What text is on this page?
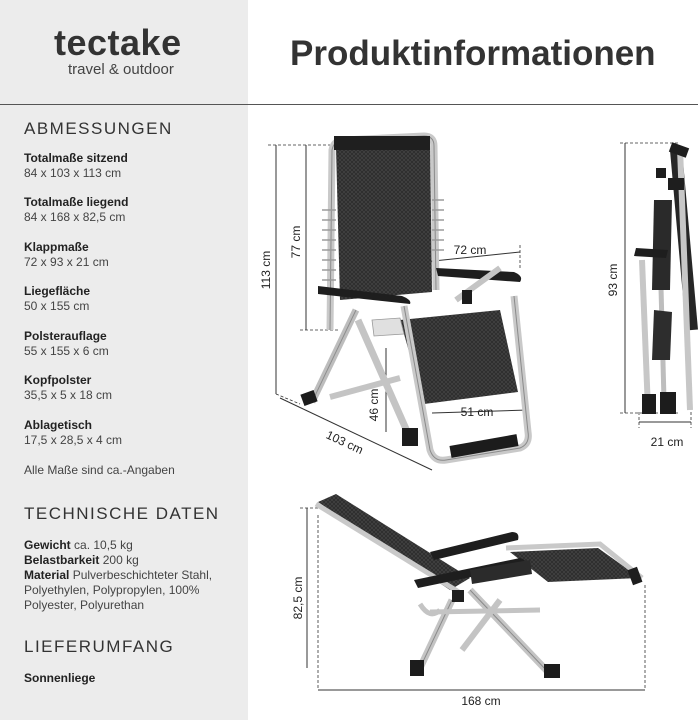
tectake
travel & outdoor	Produktinformationen
ABMESSUNGEN
Totalmaße sitzend
84 x 103 x 113 cm
Totalmaße liegend
84 x 168 x 82,5 cm
Klappmaße
72 x 93 x 21 cm
Liegefläche
50 x 155 cm
Polsterauflage
55 x 155 x 6 cm
Kopfpolster
35,5 x 5 x 18 cm
Ablagetisch
17,5 x 28,5 x 4 cm
Alle Maße sind ca.-Angaben
TECHNISCHE DATEN
Gewicht ca. 10,5 kg
Belastbarkeit 200 kg
Material Pulverbeschichteter Stahl, Polyethylen, Polypropylen, 100% Polyester, Polyurethan
LIEFERUMFANG
Sonnenliege
113 cm
77 cm	72 cm
46 cm	51 cm
103 cm
93 cm
21 cm
82,5 cm
168 cm
